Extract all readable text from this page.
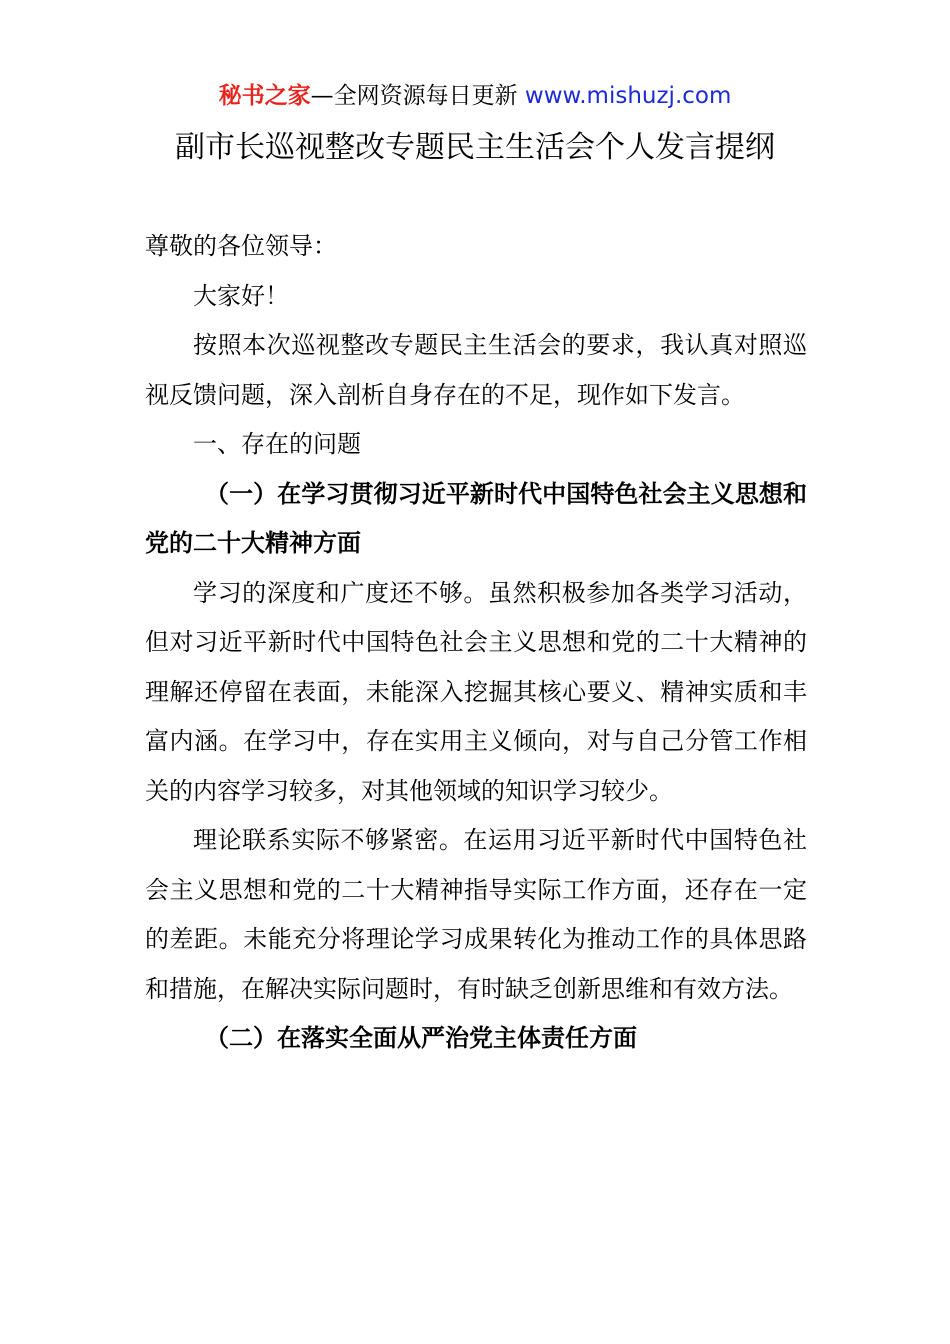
秘书之家—全网资源每日更新 www.mishuzj.com
副市长巡视整改专题民主生活会个人发言提纲

尊敬的各位领导：

大家好！

按照本次巡视整改专题民主生活会的要求，我认真对照巡视反馈问题，深入剖析自身存在的不足，现作如下发言。

一、存在的问题

（一）在学习贯彻习近平新时代中国特色社会主义思想和党的二十大精神方面

学习的深度和广度还不够。虽然积极参加各类学习活动，但对习近平新时代中国特色社会主义思想和党的二十大精神的理解还停留在表面，未能深入挖掘其核心要义、精神实质和丰富内涵。在学习中，存在实用主义倾向，对与自己分管工作相关的内容学习较多，对其他领域的知识学习较少。

理论联系实际不够紧密。在运用习近平新时代中国特色社会主义思想和党的二十大精神指导实际工作方面，还存在一定的差距。未能充分将理论学习成果转化为推动工作的具体思路和措施，在解决实际问题时，有时缺乏创新思维和有效方法。

（二）在落实全面从严治党主体责任方面
